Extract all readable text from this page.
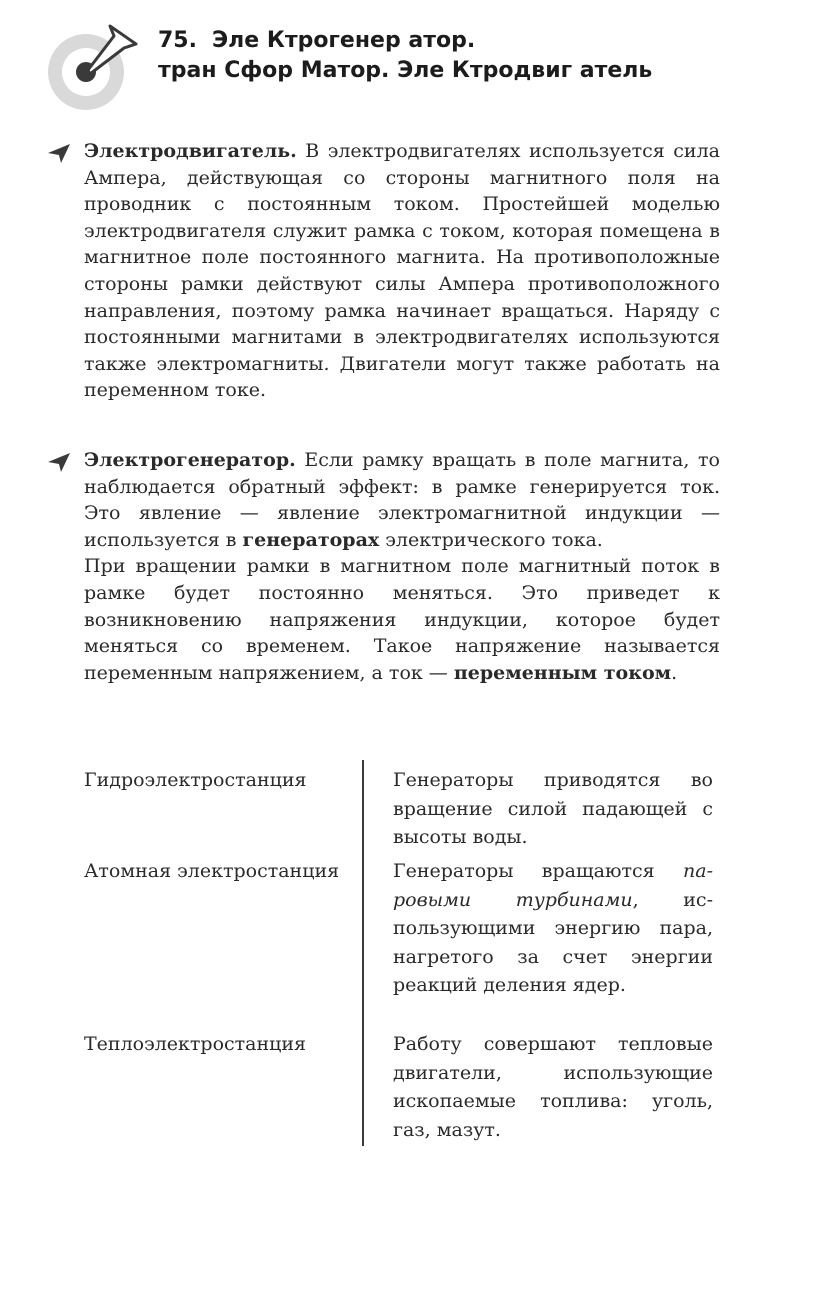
75. Эле Ктрогенер атор.
тран Сфор Матор. Эле Ктродвиг атель

Электродвигатель. В электродвигателях используется сила Ампера, действующая со стороны магнитного поля на проводник с постоянным током. Простейшей моделью электродвигателя служит рамка с током, которая помещена в магнитное поле постоянного магнита. На противоположные стороны рамки действуют силы Ампера противоположного направления, поэтому рамка начинает вращаться. Наряду с постоянными магнитами в электродвигателях используются также электромагниты. Двигатели могут также работать на переменном токе.

Электрогенератор. Если рамку вращать в поле магнита, то наблюдается обратный эффект: в рамке генерируется ток. Это явление — явление электромагнитной индукции — используется в генераторах электрического тока.

При вращении рамки в магнитном поле магнитный поток в рамке будет постоянно меняться. Это приведет к возникновению напряжения индукции, которое будет меняться со временем. Такое напряжение называется переменным напряжением, а ток — переменным током.

Гидроэлектростанция	Генераторы приводятся во вращение силой падающей с высоты воды.
Атомная электростанция	Генераторы вращаются паровыми турбинами, использующими энергию пара, нагретого за счет энергии реакций деления ядер.
Теплоэлектростанция	Работу совершают тепловые двигатели, использующие ископаемые топлива: уголь, газ, мазут.
